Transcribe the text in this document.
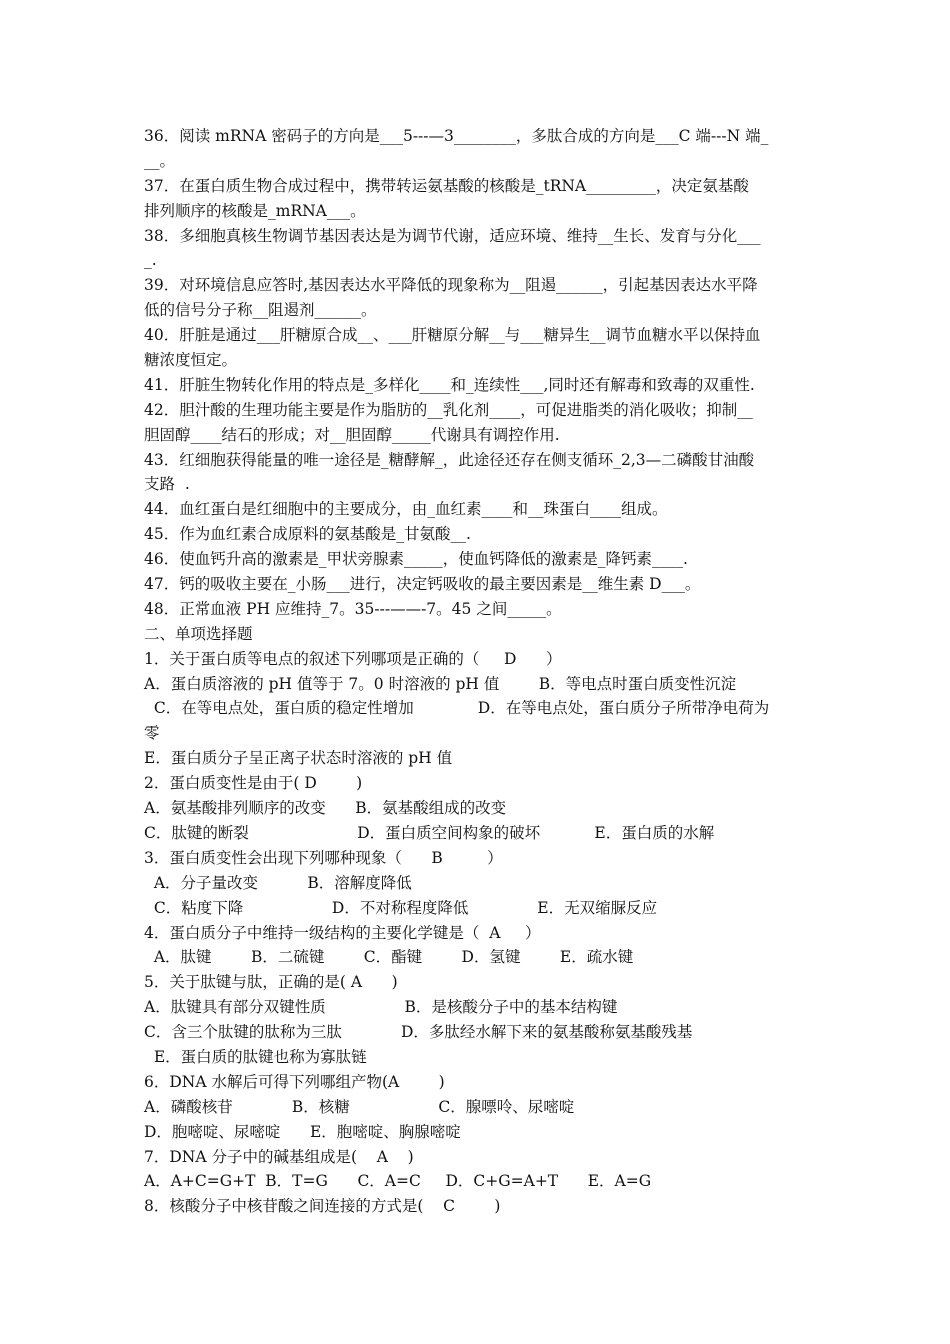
36．阅读 mRNA 密码子的方向是___5---—3________，多肽合成的方向是___C 端---N 端_
__。
37．在蛋白质生物合成过程中，携带转运氨基酸的核酸是_tRNA_________，决定氨基酸
排列顺序的核酸是_mRNA___。
38．多细胞真核生物调节基因表达是为调节代谢，适应环境、维持__生长、发育与分化___
_.
39．对环境信息应答时,基因表达水平降低的现象称为__阻遏______，引起基因表达水平降
低的信号分子称__阻遏剂______。
40．肝脏是通过___肝糖原合成__、___肝糖原分解__与___糖异生__调节血糖水平以保持血
糖浓度恒定。
41．肝脏生物转化作用的特点是_多样化____和_连续性___,同时还有解毒和致毒的双重性.
42．胆汁酸的生理功能主要是作为脂肪的__乳化剂____，可促进脂类的消化吸收；抑制__
胆固醇____结石的形成；对__胆固醇_____代谢具有调控作用.
43．红细胞获得能量的唯一途径是_糖酵解_，此途径还存在侧支循环_2,3—二磷酸甘油酸
支路  .
44．血红蛋白是红细胞中的主要成分，由_血红素____和__珠蛋白____组成。
45．作为血红素合成原料的氨基酸是_甘氨酸__.
46．使血钙升高的激素是_甲状旁腺素_____，使血钙降低的激素是_降钙素____.
47．钙的吸收主要在_小肠___进行，决定钙吸收的最主要因素是__维生素 D___。
48．正常血液 PH 应维持_7。35---——-7。45 之间_____。
二、单项选择题
1．关于蛋白质等电点的叙述下列哪项是正确的（     D      ）
A．蛋白质溶液的 pH 值等于 7。0 时溶液的 pH 值        B．等电点时蛋白质变性沉淀
C．在等电点处，蛋白质的稳定性增加             D．在等电点处，蛋白质分子所带净电荷为
零
E．蛋白质分子呈正离子状态时溶液的 pH 值
2．蛋白质变性是由于( D        )
A．氨基酸排列顺序的改变      B．氨基酸组成的改变
C．肽键的断裂                      D．蛋白质空间构象的破坏           E．蛋白质的水解
3．蛋白质变性会出现下列哪种现象（      B         ）
A．分子量改变          B．溶解度降低
C．粘度下降                  D．不对称程度降低              E．无双缩脲反应
4．蛋白质分子中维持一级结构的主要化学键是（  A     ）
A．肽键        B．二硫键        C．酯键        D．氢键        E．疏水键
5．关于肽键与肽，正确的是( A      )
A．肽键具有部分双键性质                B．是核酸分子中的基本结构键
C．含三个肽键的肽称为三肽            D．多肽经水解下来的氨基酸称氨基酸残基
E．蛋白质的肽键也称为寡肽链
6．DNA 水解后可得下列哪组产物(A        )
A．磷酸核苷            B．核糖                  C．腺嘌呤、尿嘧啶
D．胞嘧啶、尿嘧啶      E．胞嘧啶、胸腺嘧啶
7．DNA 分子中的碱基组成是(    A    )
A．A+C=G+T  B．T=G      C．A=C     D．C+G=A+T      E．A=G
8．核酸分子中核苷酸之间连接的方式是(    C        )
